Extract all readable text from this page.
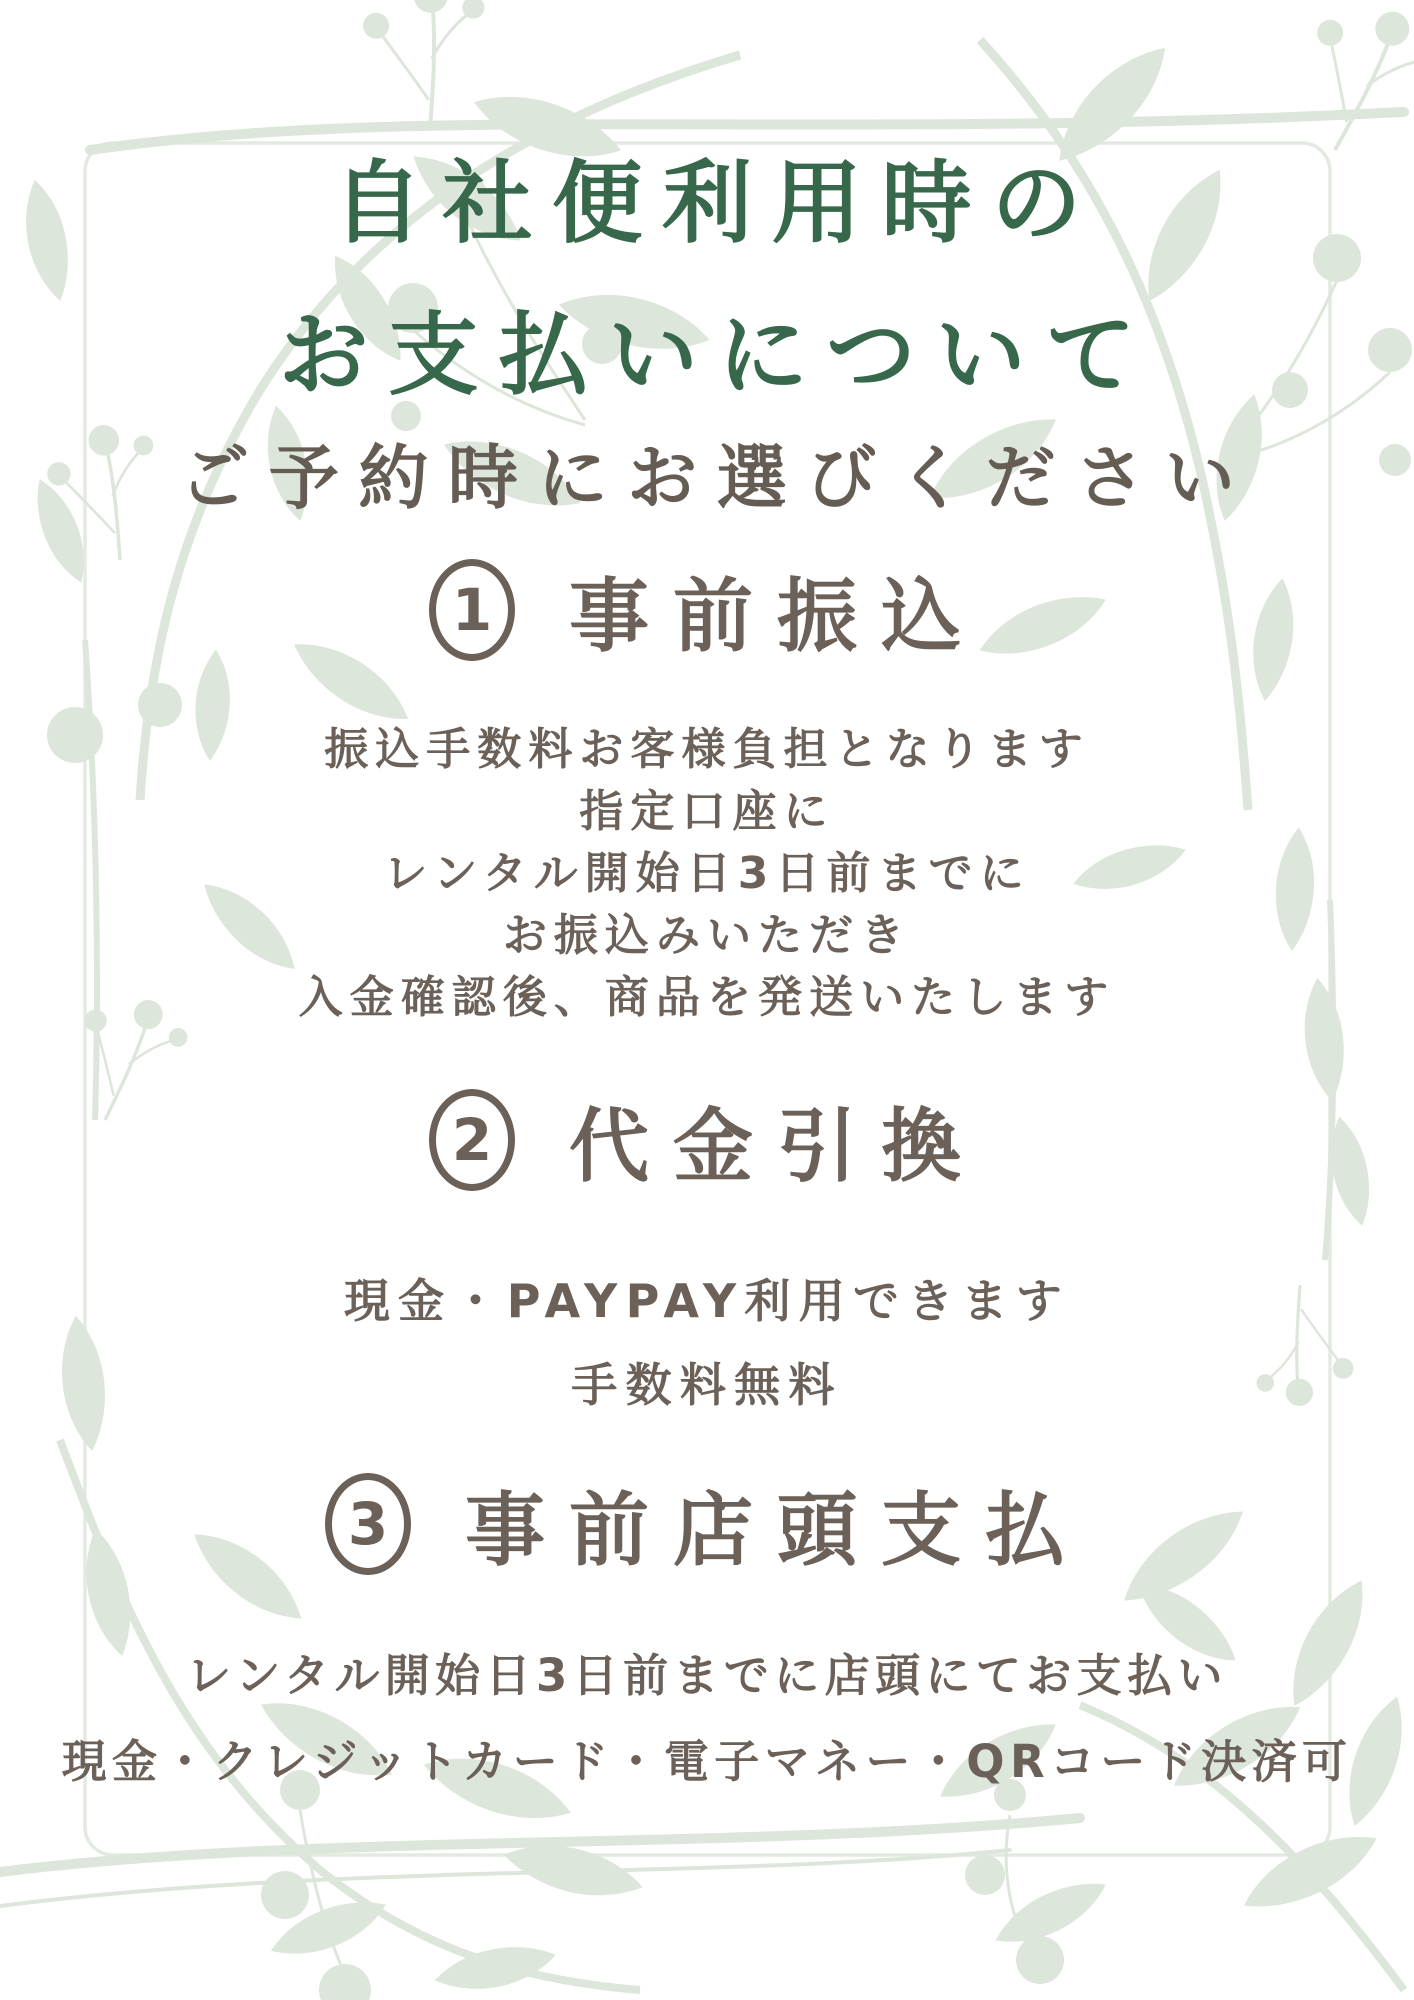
自社便利用時の
お支払いについて
ご予約時にお選びください
1 事前振込

振込手数料お客様負担となります

指定口座に

レンタル開始日3日前までに

お振込みいただき

入金確認後、商品を発送いたします

2 代金引換

現金・PAYPAY利用できます

手数料無料

3 事前店頭支払

レンタル開始日3日前までに店頭にてお支払い

現金・クレジットカード・電子マネー・QRコード決済可
